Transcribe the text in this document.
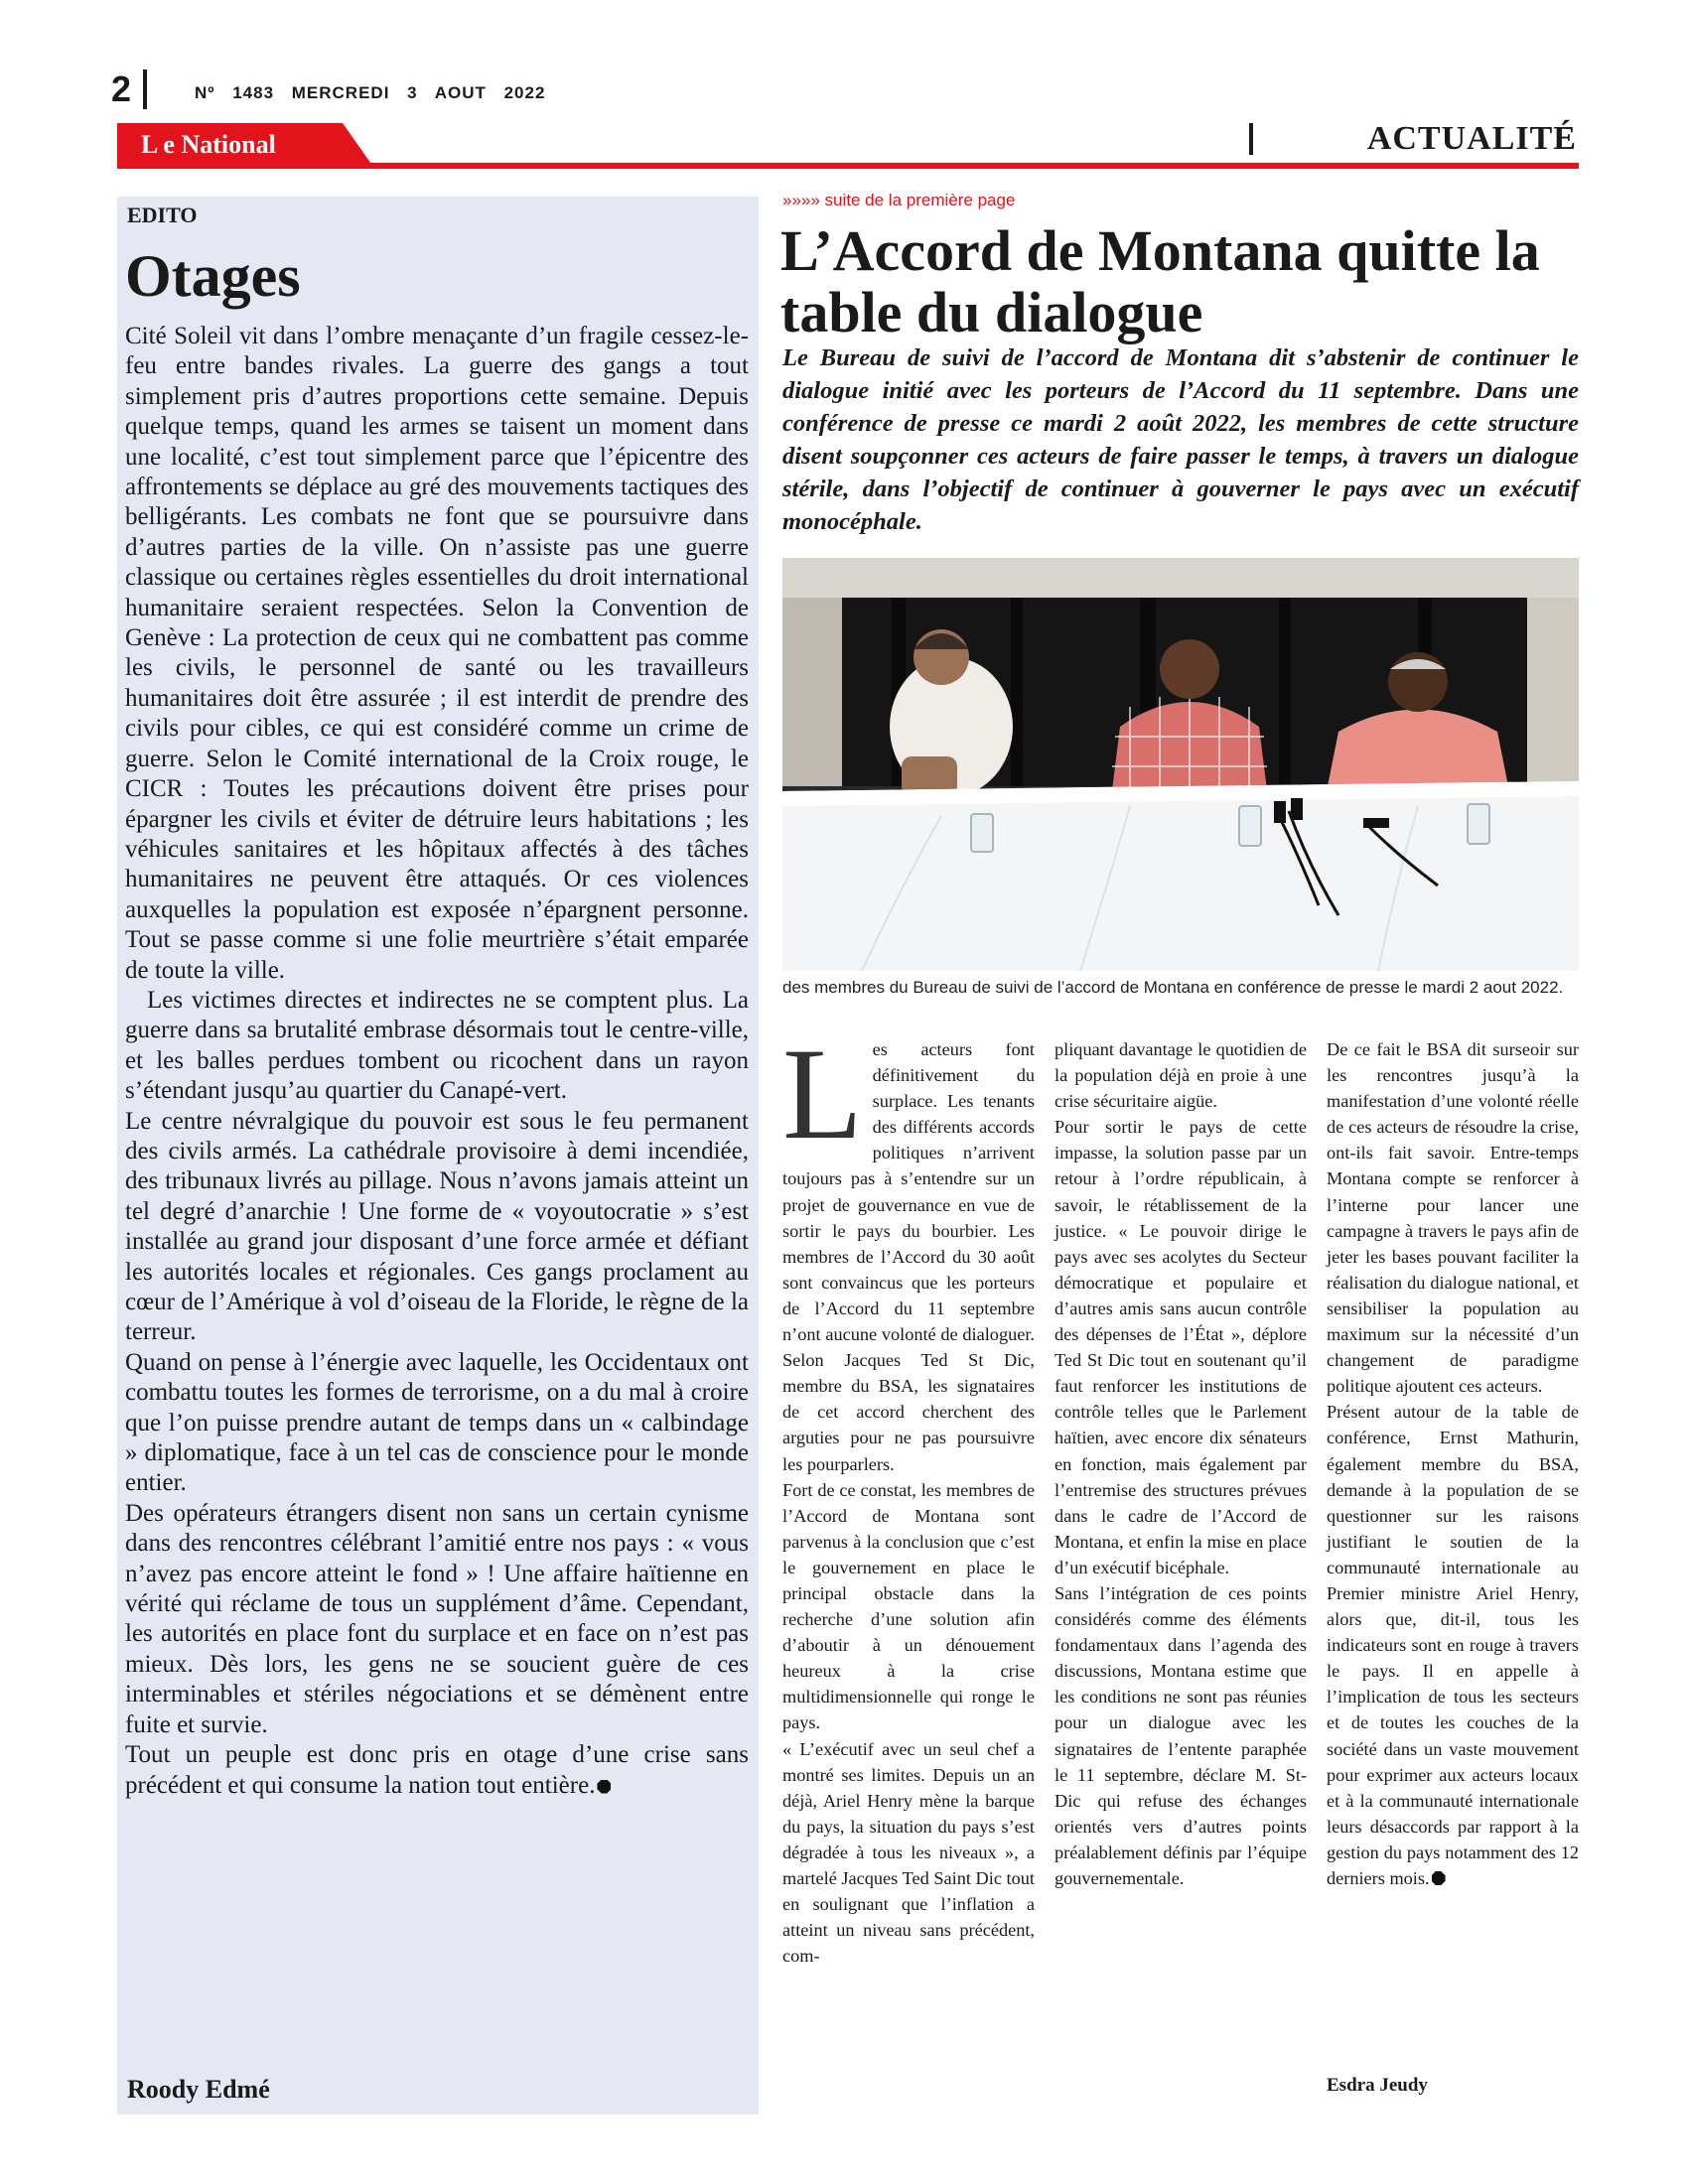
2	Nº 1483 MERCREDI 3 AOUT 2022
L e National	ACTUALITÉ
EDITO
Otages

Cité Soleil vit dans l’ombre menaçante d’un fragile cessez-le-feu entre bandes rivales. La guerre des gangs a tout simplement pris d’autres proportions cette semaine. Depuis quelque temps, quand les armes se taisent un moment dans une localité, c’est tout simplement parce que l’épicentre des affrontements se déplace au gré des mouvements tactiques des belligérants. Les combats ne font que se poursuivre dans d’autres parties de la ville. On n’assiste pas une guerre classique ou certaines règles essentielles du droit international humanitaire seraient respectées. Selon la Convention de Genève : La protection de ceux qui ne combattent pas comme les civils, le personnel de santé ou les travailleurs humanitaires doit être assurée ; il est interdit de prendre des civils pour cibles, ce qui est considéré comme un crime de guerre. Selon le Comité international de la Croix rouge, le CICR : Toutes les précautions doivent être prises pour épargner les civils et éviter de détruire leurs habitations ; les véhicules sanitaires et les hôpitaux affectés à des tâches humanitaires ne peuvent être attaqués. Or ces violences auxquelles la population est exposée n’épargnent personne. Tout se passe comme si une folie meurtrière s’était emparée de toute la ville.

Les victimes directes et indirectes ne se comptent plus. La guerre dans sa brutalité embrase désormais tout le centre-ville, et les balles perdues tombent ou ricochent dans un rayon s’étendant jusqu’au quartier du Canapé-vert.

Le centre névralgique du pouvoir est sous le feu permanent des civils armés. La cathédrale provisoire à demi incendiée, des tribunaux livrés au pillage. Nous n’avons jamais atteint un tel degré d’anarchie ! Une forme de « voyoutocratie » s’est installée au grand jour disposant d’une force armée et défiant les autorités locales et régionales. Ces gangs proclament au cœur de l’Amérique à vol d’oiseau de la Floride, le règne de la terreur.

Quand on pense à l’énergie avec laquelle, les Occidentaux ont combattu toutes les formes de terrorisme, on a du mal à croire que l’on puisse prendre autant de temps dans un « calbindage » diplomatique, face à un tel cas de conscience pour le monde entier.

Des opérateurs étrangers disent non sans un certain cynisme dans des rencontres célébrant l’amitié entre nos pays : « vous n’avez pas encore atteint le fond » ! Une affaire haïtienne en vérité qui réclame de tous un supplément d’âme. Cependant, les autorités en place font du surplace et en face on n’est pas mieux. Dès lors, les gens ne se soucient guère de ces interminables et stériles négociations et se démènent entre fuite et survie.

Tout un peuple est donc pris en otage d’une crise sans précédent et qui consume la nation tout entière.

Roody Edmé
»»»» suite de la première page
L’Accord de Montana quitte la table du dialogue
Le Bureau de suivi de l’accord de Montana dit s’abstenir de continuer le dialogue initié avec les porteurs de l’Accord du 11 septembre. Dans une conférence de presse ce mardi 2 août 2022, les membres de cette structure disent soupçonner ces acteurs de faire passer le temps, à travers un dialogue stérile, dans l’objectif de continuer à gouverner le pays avec un exécutif monocéphale.
des membres du Bureau de suivi de l’accord de Montana en conférence de presse le mardi 2 aout 2022.

Les acteurs font définitivement du surplace. Les tenants des différents accords politiques n’arrivent toujours pas à s’entendre sur un projet de gouvernance en vue de sortir le pays du bourbier. Les membres de l’Accord du 30 août sont convaincus que les porteurs de l’Accord du 11 septembre n’ont aucune volonté de dialoguer. Selon Jacques Ted St Dic, membre du BSA, les signataires de cet accord cherchent des arguties pour ne pas poursuivre les pourparlers.

Fort de ce constat, les membres de l’Accord de Montana sont parvenus à la conclusion que c’est le gouvernement en place le principal obstacle dans la recherche d’une solution afin d’aboutir à un dénouement heureux à la crise multidimensionnelle qui ronge le pays.

« L’exécutif avec un seul chef a montré ses limites. Depuis un an déjà, Ariel Henry mène la barque du pays, la situation du pays s’est dégradée à tous les niveaux », a martelé Jacques Ted Saint Dic tout en soulignant que l’inflation a atteint un niveau sans précédent, com-

pliquant davantage le quotidien de la population déjà en proie à une crise sécuritaire aigüe.

Pour sortir le pays de cette impasse, la solution passe par un retour à l’ordre républicain, à savoir, le rétablissement de la justice. « Le pouvoir dirige le pays avec ses acolytes du Secteur démocratique et populaire et d’autres amis sans aucun contrôle des dépenses de l’État », déplore Ted St Dic tout en soutenant qu’il faut renforcer les institutions de contrôle telles que le Parlement haïtien, avec encore dix sénateurs en fonction, mais également par l’entremise des structures prévues dans le cadre de l’Accord de Montana, et enfin la mise en place d’un exécutif bicéphale.

Sans l’intégration de ces points considérés comme des éléments fondamentaux dans l’agenda des discussions, Montana estime que les conditions ne sont pas réunies pour un dialogue avec les signataires de l’entente paraphée le 11 septembre, déclare M. St-Dic qui refuse des échanges orientés vers d’autres points préalablement définis par l’équipe gouvernementale.

De ce fait le BSA dit surseoir sur les rencontres jusqu’à la manifestation d’une volonté réelle de ces acteurs de résoudre la crise, ont-ils fait savoir. Entre-temps Montana compte se renforcer à l’interne pour lancer une campagne à travers le pays afin de jeter les bases pouvant faciliter la réalisation du dialogue national, et sensibiliser la population au maximum sur la nécessité d’un changement de paradigme politique ajoutent ces acteurs.

Présent autour de la table de conférence, Ernst Mathurin, également membre du BSA, demande à la population de se questionner sur les raisons justifiant le soutien de la communauté internationale au Premier ministre Ariel Henry, alors que, dit-il, tous les indicateurs sont en rouge à travers le pays. Il en appelle à l’implication de tous les secteurs et de toutes les couches de la société dans un vaste mouvement pour exprimer aux acteurs locaux et à la communauté internationale leurs désaccords par rapport à la gestion du pays notamment des 12 derniers mois.

Esdra Jeudy
